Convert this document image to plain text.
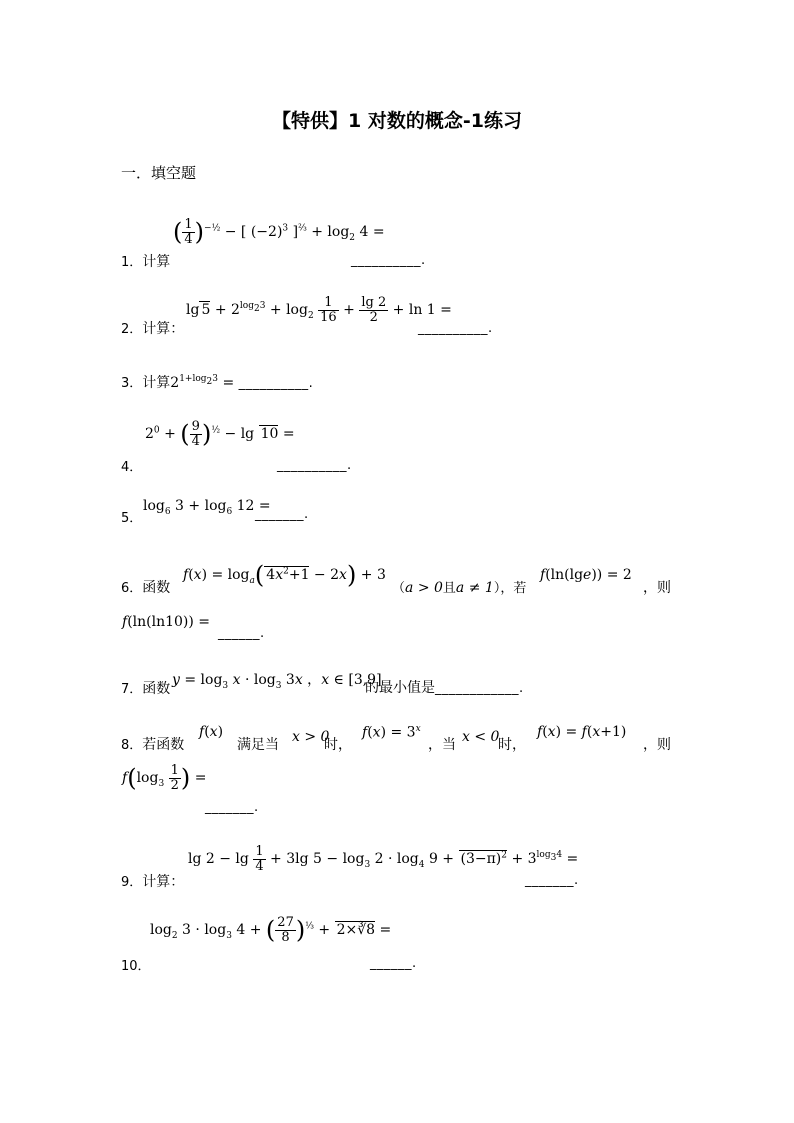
【特供】1 对数的概念-1练习
一．填空题
1．计算
( $\frac{1}{4} )^{-\frac{1}{2}}$ − [ $(-2)^3$ ]$^{\frac{2}{3}} + \log_2 4$ =
__________.
2．计算：
$\lg 5 + 2^{log_23} + \log_2 \frac{1}{16} + \frac{\lg 2}{2} + \ln 1$ =
__________.
3．计算$2^{1+log_23}$ = __________.
4．
$2^0$ + ( $\frac{9}{4} )^{\frac{1}{2}} - \lg 10$ =
__________.
5．
$\log_6 3 + \log_6 12$ =
_______.
6．函数
$f(x) = \log_a$( $4x^2+1 - 2x) + 3$
（a > 0且a ≠ 1），若
f(ln(lge)) = 2
，则
f(ln(ln10)) =
______.
7．函数
$y = \log_3 x \cdot \log_3 3x$ ，x ∈ [3,9]
的最小值是____________.
8．若函数
f(x)
满足当 x > 0
时，
$f(x) = 3^x$
，当 x < 0
时，
f(x) = f(x+1)
，则
$f(\log_3 \frac{1}{2}$ ) =
_______.
9．计算：
$\lg 2 - \lg \frac{1}{4} + 3\lg$ $5 - \log_3 2 \cdot \log_4 9 + (3-\pi)^2 + 3^{log_34}$ =
_______.
10．
$\log_2 3 \cdot \log_3 4$ + ( $\frac{27}{8} )^{\frac{1}{3}}$ + 2×∛8 =
______.
